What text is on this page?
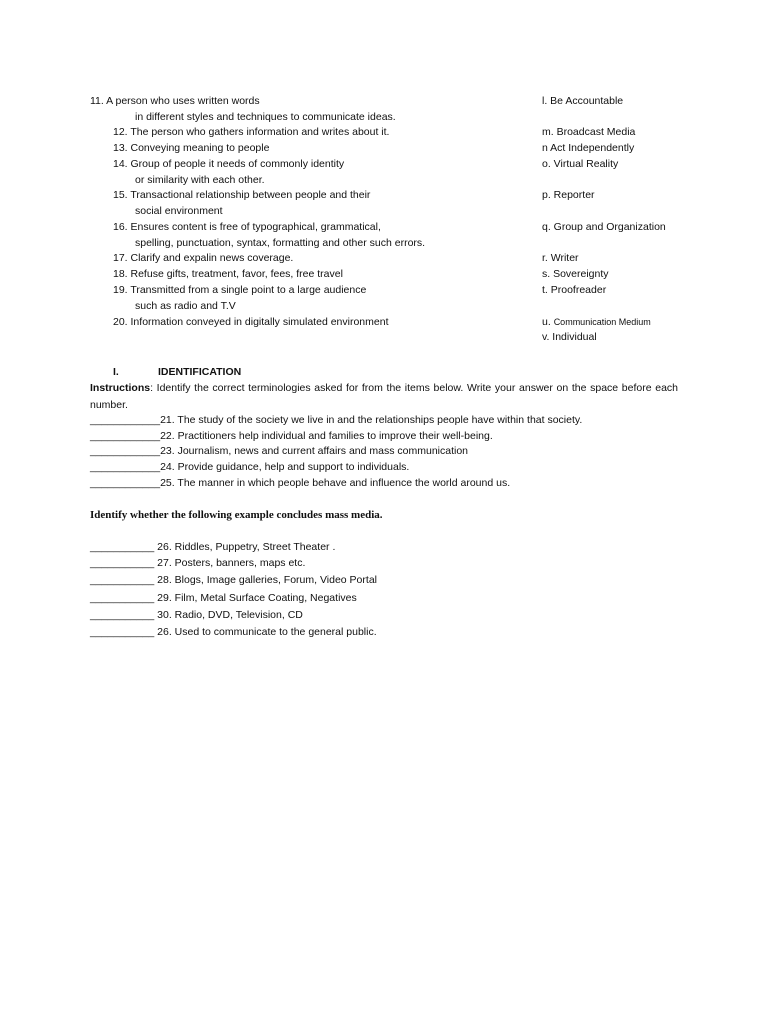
11. A person who uses written words
in different styles and techniques to communicate ideas.
12. The person who gathers information and writes about it.
13. Conveying meaning to people
14. Group of people it needs of commonly identity
or similarity with each other.
15. Transactional relationship between people and their
social environment
16. Ensures content is free of typographical, grammatical,
spelling, punctuation, syntax, formatting and other such errors.
17. Clarify and expalin news coverage.
18. Refuse gifts, treatment, favor, fees, free travel
19. Transmitted from a single point to a large audience
such as radio and T.V
20. Information conveyed in digitally simulated environment
l. Be Accountable
m. Broadcast Media
n Act Independently
o. Virtual Reality
p. Reporter
q. Group and Organization
r. Writer
s. Sovereignty
t. Proofreader
u. Communication Medium
v. Individual
I.	IDENTIFICATION
Instructions: Identify the correct terminologies asked for from the items below. Write your answer on the space before each number.
____________21. The study of the society we live in and the relationships people have within that society.
____________22. Practitioners help individual and families to improve their well-being.
____________23. Journalism, news and current affairs and mass communication
____________24. Provide guidance, help and support to individuals.
____________25. The manner in which people behave and influence the world around us.
Identify whether the following example concludes mass media.
___________ 26. Riddles, Puppetry, Street Theater .
___________ 27. Posters, banners, maps etc.
___________ 28. Blogs, Image galleries, Forum, Video Portal
___________ 29. Film, Metal Surface Coating, Negatives
___________ 30. Radio, DVD, Television, CD
___________ 26. Used to communicate to the general public.
